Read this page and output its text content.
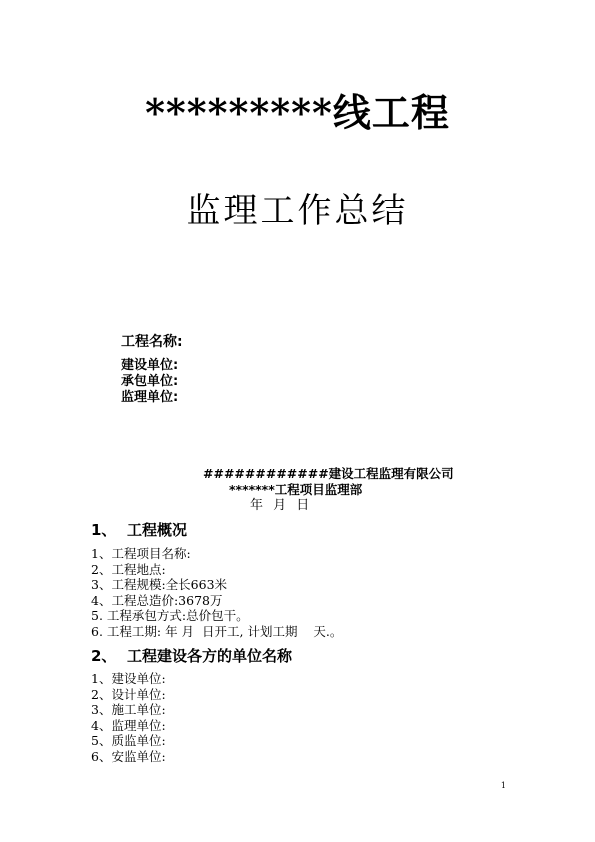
*********线工程
监理工作总结
工程名称:
建设单位:
承包单位:
监理单位:
############建设工程监理有限公司
*******工程项目监理部
年 月 日
1、 工程概况
1、工程项目名称:
2、工程地点:
3、工程规模:全长663米
4、工程总造价:3678万
5. 工程承包方式:总价包干。
6. 工程工期: 年 月  日开工, 计划工期    天.。
2、 工程建设各方的单位名称
1、建设单位:
2、设计单位:
3、施工单位:
4、监理单位:
5、质监单位:
6、安监单位:
1
